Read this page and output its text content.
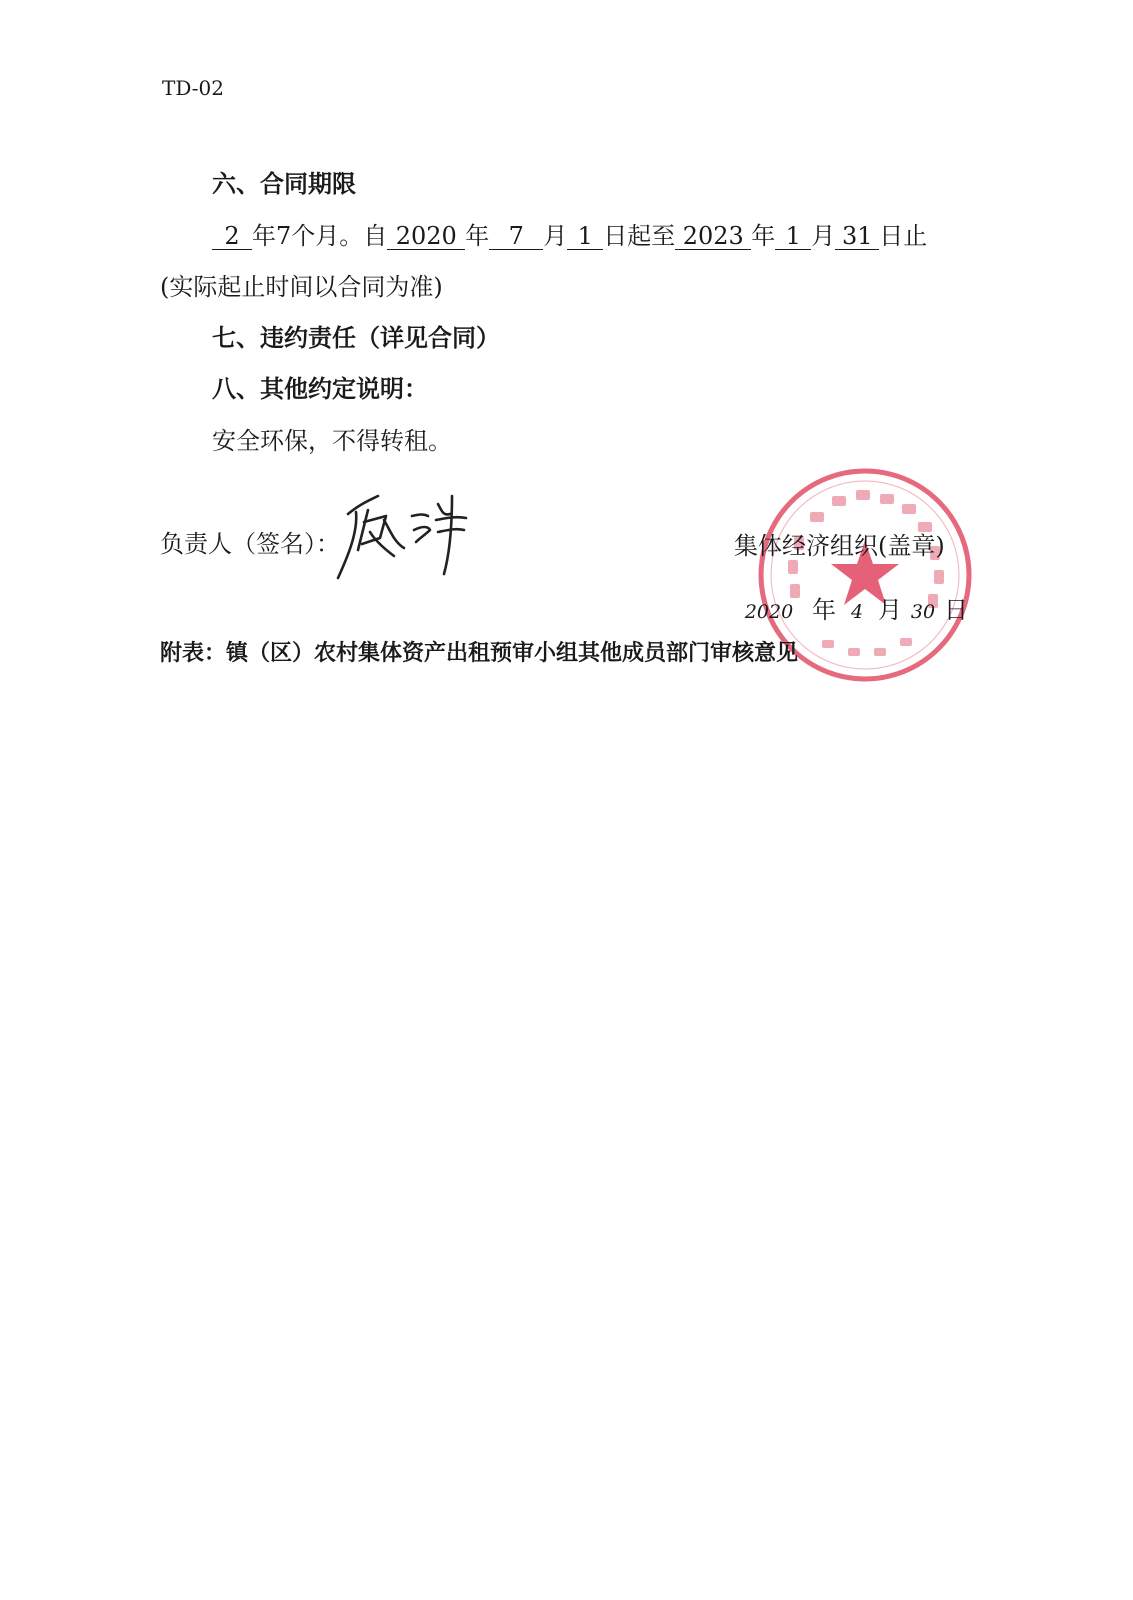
TD-02
六、合同期限
2 年7个月。自 2020 年 7 月 1 日起至 2023 年 1 月 31 日止
(实际起止时间以合同为准)
七、违约责任（详见合同）
八、其他约定说明：
安全环保，不得转租。
负责人（签名）：	集体经济组织(盖章)
2020 年 4 月 30 日
附表：镇（区）农村集体资产出租预审小组其他成员部门审核意见
